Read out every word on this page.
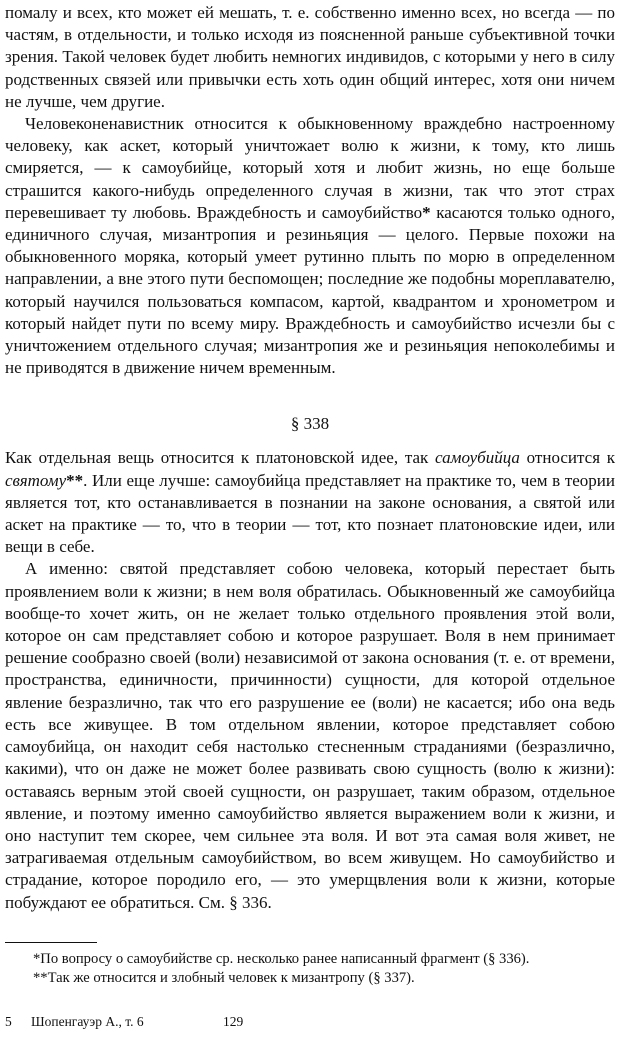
помалу и всех, кто может ей мешать, т. е. собственно именно всех, но всегда — по частям, в отдельности, и только исходя из поясненной раньше субъективной точки зрения. Такой человек будет любить немногих индивидов, с которыми у него в силу родственных связей или привычки есть хоть один общий интерес, хотя они ничем не лучше, чем другие.

Человеконенавистник относится к обыкновенному враждебно настроенному человеку, как аскет, который уничтожает волю к жизни, к тому, кто лишь смиряется, — к самоубийце, который хотя и любит жизнь, но еще больше страшится какого-нибудь определенного случая в жизни, так что этот страх перевешивает ту любовь. Враждебность и самоубийство* касаются только одного, единичного случая, мизантропия и резиньяция — целого. Первые похожи на обыкновенного моряка, который умеет рутинно плыть по морю в определенном направлении, а вне этого пути беспомощен; последние же подобны мореплавателю, который научился пользоваться компасом, картой, квадрантом и хронометром и который найдет пути по всему миру. Враждебность и самоубийство исчезли бы с уничтожением отдельного случая; мизантропия же и резиньяция непоколебимы и не приводятся в движение ничем временным.

§ 338

Как отдельная вещь относится к платоновской идее, так самоубийца относится к святому**. Или еще лучше: самоубийца представляет на практике то, чем в теории является тот, кто останавливается в познании на законе основания, а святой или аскет на практике — то, что в теории — тот, кто познает платоновские идеи, или вещи в себе.

А именно: святой представляет собою человека, который перестает быть проявлением воли к жизни; в нем воля обратилась. Обыкновенный же самоубийца вообще-то хочет жить, он не желает только отдельного проявления этой воли, которое он сам представляет собою и которое разрушает. Воля в нем принимает решение сообразно своей (воли) независимой от закона основания (т. е. от времени, пространства, единичности, причинности) сущности, для которой отдельное явление безразлично, так что его разрушение ее (воли) не касается; ибо она ведь есть все живущее. В том отдельном явлении, которое представляет собою самоубийца, он находит себя настолько стесненным страданиями (безразлично, какими), что он даже не может более развивать свою сущность (волю к жизни): оставаясь верным этой своей сущности, он разрушает, таким образом, отдельное явление, и поэтому именно самоубийство является выражением воли к жизни, и оно наступит тем скорее, чем сильнее эта воля. И вот эта самая воля живет, не затрагиваемая отдельным самоубийством, во всем живущем. Но самоубийство и страдание, которое породило его, — это умерщвления воли к жизни, которые побуждают ее обратиться. См. § 336.

*По вопросу о самоубийстве ср. несколько ранее написанный фрагмент (§ 336).

**Так же относится и злобный человек к мизантропу (§ 337).

5 Шопенгауэр А., т. 6	129
